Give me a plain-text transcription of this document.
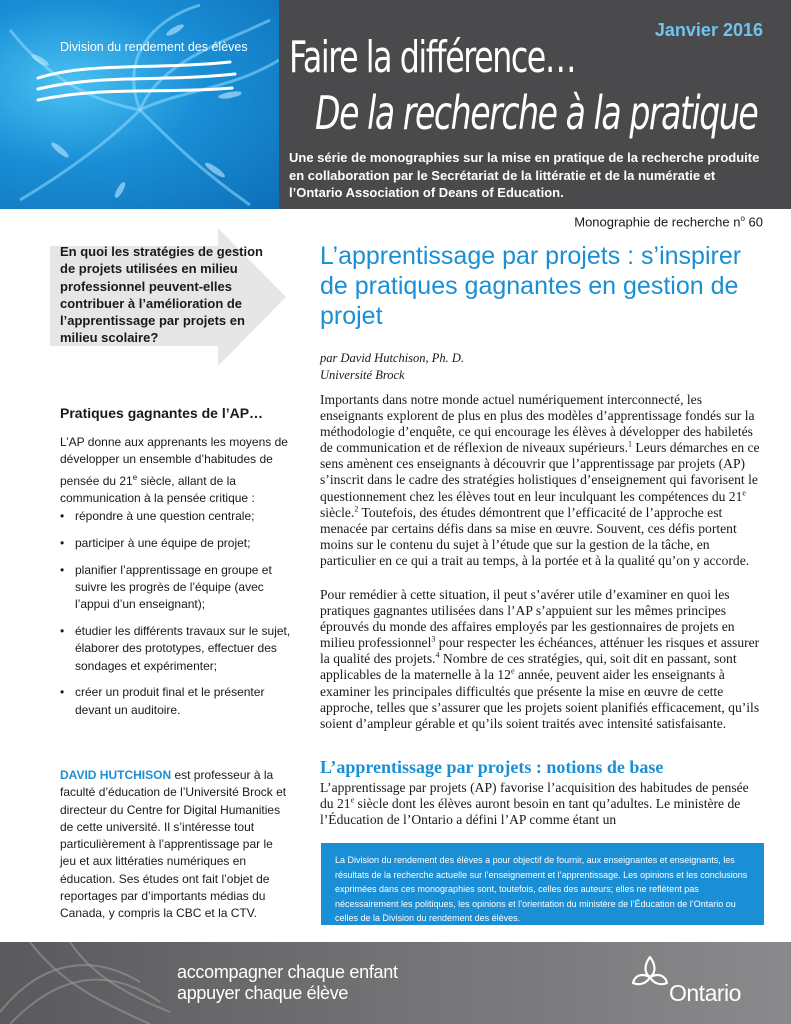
Division du rendement des élèves
Janvier 2016
Faire la différence…
De la recherche à la pratique
Une série de monographies sur la mise en pratique de la recherche produite en collaboration par le Secrétariat de la littératie et de la numératie et l’Ontario Association of Deans of Education.
En quoi les stratégies de gestion de projets utilisées en milieu professionnel peuvent-elles contribuer à l’amélioration de l’apprentissage par projets en milieu scolaire?
Pratiques gagnantes de l’AP…
L’AP donne aux apprenants les moyens de développer un ensemble d’habitudes de pensée du 21e siècle, allant de la communication à la pensée critique :
• répondre à une question centrale;
• participer à une équipe de projet;
• planifier l’apprentissage en groupe et suivre les progrès de l’équipe (avec l’appui d’un enseignant);
• étudier les différents travaux sur le sujet, élaborer des prototypes, effectuer des sondages et expérimenter;
• créer un produit final et le présenter devant un auditoire.
DAVID HUTCHISON est professeur à la faculté d’éducation de l’Université Brock et directeur du Centre for Digital Humanities de cette université. Il s’intéresse tout particulièrement à l’apprentissage par le jeu et aux littératies numériques en éducation. Ses études ont fait l’objet de reportages par d’importants médias du Canada, y compris la CBC et la CTV.
Monographie de recherche $n^o$ 60
L’apprentissage par projets : s’inspirer de pratiques gagnantes en gestion de projet
par David Hutchison, Ph. D.
Université Brock
Importants dans notre monde actuel numériquement interconnecté, les enseignants explorent de plus en plus des modèles d’apprentissage fondés sur la méthodologie d’enquête, ce qui encourage les élèves à développer des habiletés de communication et de réflexion de niveaux supérieurs.$^1$ Leurs démarches en ce sens amènent ces enseignants à découvrir que l’apprentissage par projets (AP) s’inscrit dans le cadre des stratégies holistiques d’enseignement qui favorisent le questionnement chez les élèves tout en leur inculquant les compétences du 21e siècle.$^2$ Toutefois, des études démontrent que l’efficacité de l’approche est menacée par certains défis dans sa mise en œuvre. Souvent, ces défis portent moins sur le contenu du sujet à l’étude que sur la gestion de la tâche, en particulier en ce qui a trait au temps, à la portée et à la qualité qu’on y accorde.
Pour remédier à cette situation, il peut s’avérer utile d’examiner en quoi les pratiques gagnantes utilisées dans l’AP s’appuient sur les mêmes principes éprouvés du monde des affaires employés par les gestionnaires de projets en milieu professionnel$^3$ pour respecter les échéances, atténuer les risques et assurer la qualité des projets.$^4$ Nombre de ces stratégies, qui, soit dit en passant, sont applicables de la maternelle à la 12e année, peuvent aider les enseignants à examiner les principales difficultés que présente la mise en œuvre de cette approche, telles que s’assurer que les projets soient planifiés efficacement, qu’ils soient d’ampleur gérable et qu’ils soient traités avec intensité satisfaisante.
L’apprentissage par projets : notions de base
L’apprentissage par projets (AP) favorise l’acquisition des habitudes de pensée du 21e siècle dont les élèves auront besoin en tant qu’adultes. Le ministère de l’Éducation de l’Ontario a défini l’AP comme étant un
La Division du rendement des élèves a pour objectif de fournir, aux enseignantes et enseignants, les résultats de la recherche actuelle sur l’enseignement et l’apprentissage. Les opinions et les conclusions exprimées dans ces monographies sont, toutefois, celles des auteurs; elles ne reflètent pas nécessairement les politiques, les opinions et l’orientation du ministère de l’Éducation de l’Ontario ou celles de la Division du rendement des élèves.
accompagner chaque enfant
appuyer chaque élève	Ontario
